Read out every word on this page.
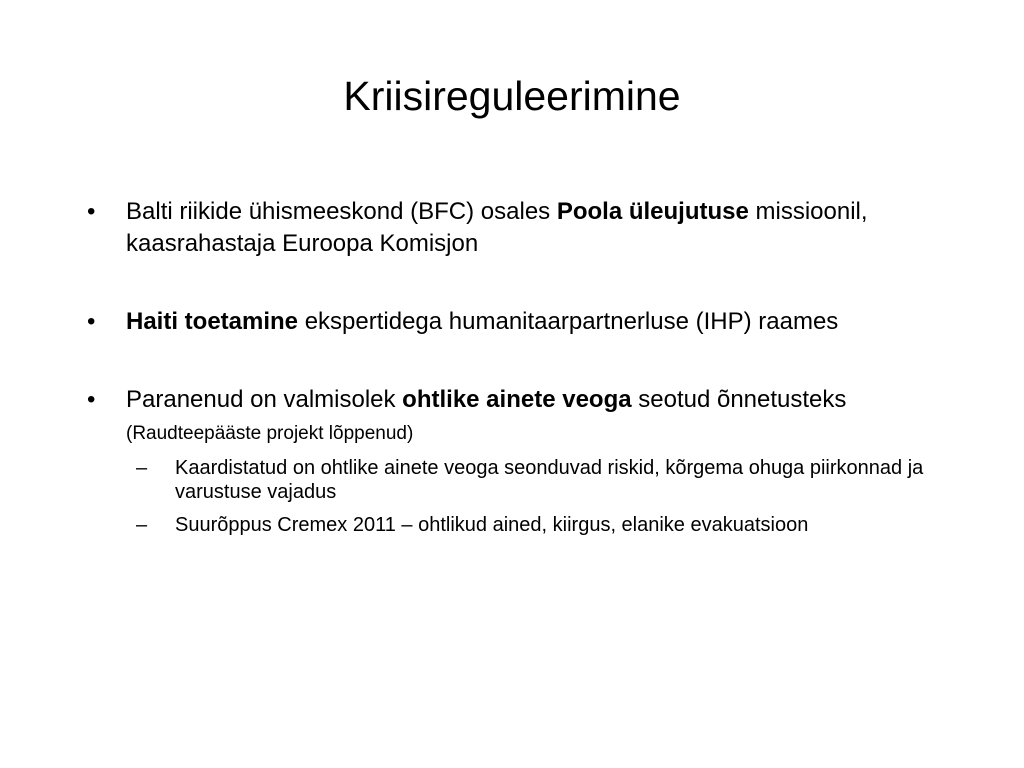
Kriisireguleerimine
•	Balti riikide ühismeeskond (BFC) osales Poola üleujutuse missioonil, kaasrahastaja Euroopa Komisjon
•	Haiti toetamine ekspertidega humanitaarpartnerluse (IHP) raames
•	Paranenud on valmisolek ohtlike ainete veoga seotud õnnetusteks (Raudteepääste projekt lõppenud)
–	Kaardistatud on ohtlike ainete veoga seonduvad riskid, kõrgema ohuga piirkonnad ja varustuse vajadus
–	Suurõppus Cremex 2011 – ohtlikud ained, kiirgus, elanike evakuatsioon
